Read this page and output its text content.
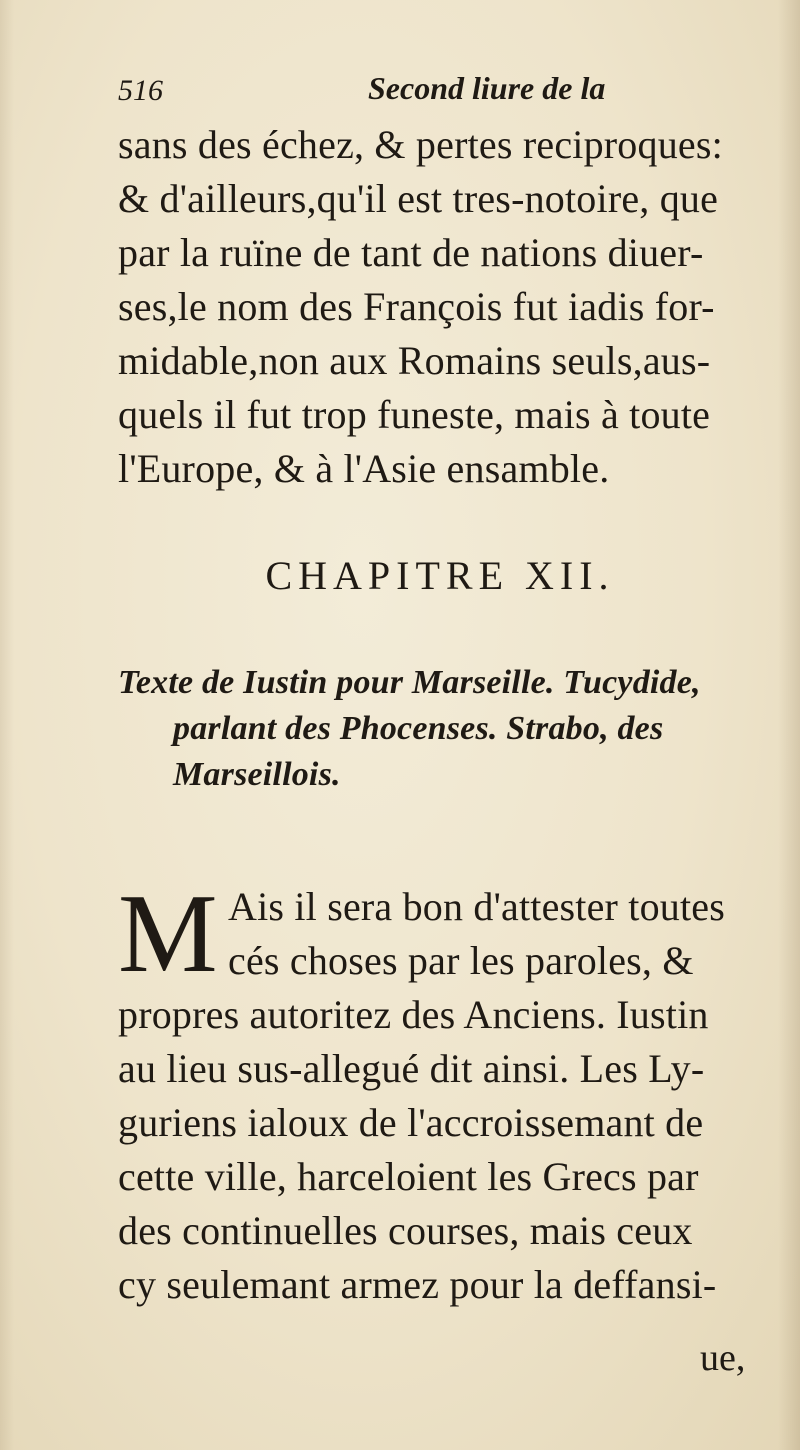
516	Second liure de la
sans des échez, & pertes reciproques:
& d'ailleurs,qu'il est tres-notoire, que
par la ruïne de tant de nations diuer-
ses,le nom des François fut iadis for-
midable,non aux Romains seuls,aus-
quels il fut trop funeste, mais à toute
l'Europe, & à l'Asie ensamble.
CHAPITRE XII.
Texte de Iustin pour Marseille. Tucydide,
parlant des Phocenses. Strabo, des
Marseillois.
M Ais il sera bon d'attester toutes
cés choses par les paroles, &
propres autoritez des Anciens. Iustin
au lieu sus-allegué dit ainsi. Les Ly-
guriens ialoux de l'accroissemant de
cette ville, harceloient les Grecs par
des continuelles courses, mais ceux
cy seulemant armez pour la deffansi-
ue,
